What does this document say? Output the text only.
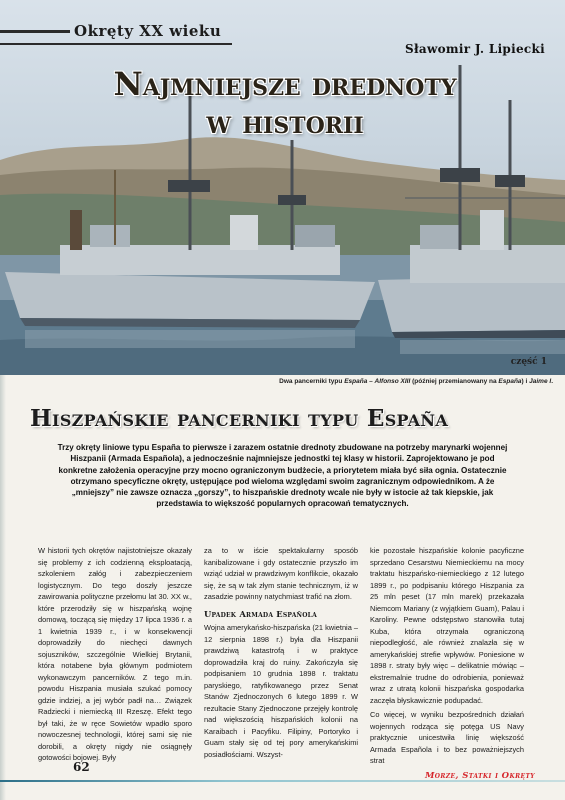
Okręty XX wieku
Sławomir J. Lipiecki
Najmniejsze drednoty
w historii
część 1
Dwa pancerniki typu España – Alfonso XIII (później przemianowany na España) i Jaime I.
Hiszpańskie pancerniki typu España
Trzy okręty liniowe typu España to pierwsze i zarazem ostatnie drednoty zbudowane na potrzeby marynarki wojennej Hiszpanii (Armada Española), a jednocześnie najmniejsze jednostki tej klasy w historii. Zaprojektowano je pod konkretne założenia operacyjne przy mocno ograniczonym budżecie, a priorytetem miała być siła ognia. Ostatecznie otrzymano specyficzne okręty, ustępujące pod wieloma względami swoim zagranicznym odpowiednikom. A że „mniejszy” nie zawsze oznacza „gorszy”, to hiszpańskie drednoty wcale nie były w istocie aż tak kiepskie, jak przedstawia to większość popularnych opracowań tematycznych.
W historii tych okrętów najistotniejsze okazały się problemy z ich codzienną eksploatacją, szkoleniem załóg i zabezpieczeniem logistycznym. Do tego doszły jeszcze zawirowania polityczne przełomu lat 30. XX w., które przerodziły się w hiszpańską wojnę domową, toczącą się między 17 lipca 1936 r. a 1 kwietnia 1939 r., i w konsekwencji doprowadziły do niechęci dawnych sojuszników, szczególnie Wielkiej Brytanii, która notabene była głównym podmiotem wykonawczym pancerników. Z tego m.in. powodu Hiszpania musiała szukać pomocy gdzie indziej, a jej wybór padł na… Związek Radziecki i niemiecką III Rzeszę. Efekt tego był taki, że w ręce Sowietów wpadło sporo nowoczesnej technologii, której sami się nie dorobili, a okręty nigdy nie osiągnęły gotowości bojowej. Były
za to w iście spektakularny sposób kanibalizowane i gdy ostatecznie przyszło im wziąć udział w prawdziwym konflikcie, okazało się, że są w tak złym stanie technicznym, iż w zasadzie powinny natychmiast trafić na złom.
Upadek Armada Española
Wojna amerykańsko-hiszpańska (21 kwietnia – 12 sierpnia 1898 r.) była dla Hiszpanii prawdziwą katastrofą i w praktyce doprowadziła kraj do ruiny. Zakończyła się podpisaniem 10 grudnia 1898 r. traktatu paryskiego, ratyfikowanego przez Senat Stanów Zjednoczonych 6 lutego 1899 r. W rezultacie Stany Zjednoczone przejęły kontrolę nad większością hiszpańskich kolonii na Karaibach i Pacyfiku. Filipiny, Portoryko i Guam stały się od tej pory amerykańskimi posiadłościami. Wszyst-
kie pozostałe hiszpańskie kolonie pacyficzne sprzedano Cesarstwu Niemieckiemu na mocy traktatu hiszpańsko-niemieckiego z 12 lutego 1899 r., po podpisaniu którego Hiszpania za 25 mln peset (17 mln marek) przekazała Niemcom Mariany (z wyjątkiem Guam), Palau i Karoliny. Pewne odstępstwo stanowiła tutaj Kuba, która otrzymała ograniczoną niepodległość, ale również znalazła się w amerykańskiej strefie wpływów. Poniesione w 1898 r. straty były więc – delikatnie mówiąc – ekstremalnie trudne do odrobienia, ponieważ wraz z utratą kolonii hiszpańska gospodarka zaczęła błyskawicznie podupadać.
Co więcej, w wyniku bezpośrednich działań wojennych rodząca się potęga US Navy praktycznie unicestwiła linię większość Armada Española i to bez poważniejszych strat
62
Morze, Statki i Okręty
